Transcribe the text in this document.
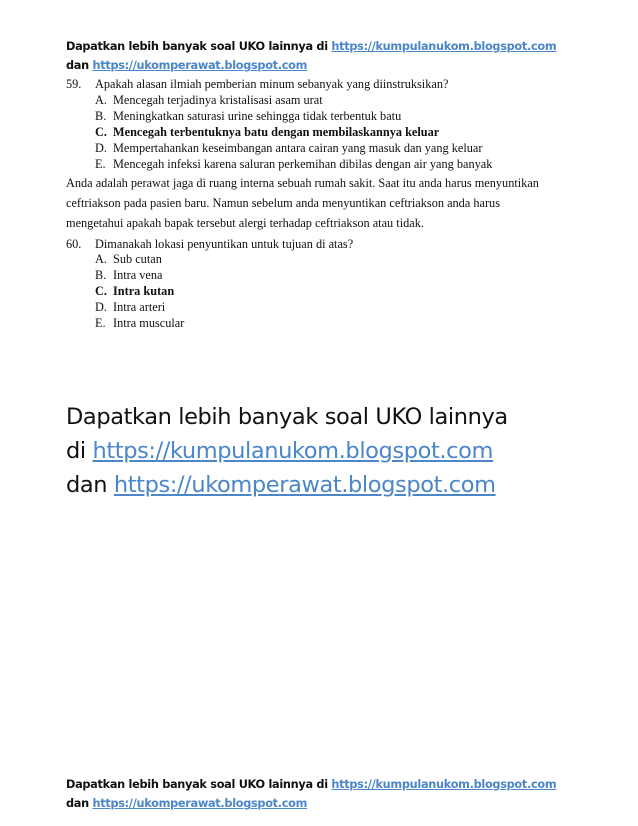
Dapatkan lebih banyak soal UKO lainnya di https://kumpulanukom.blogspot.com
dan https://ukomperawat.blogspot.com
59. Apakah alasan ilmiah pemberian minum sebanyak yang diinstruksikan?
A. Mencegah terjadinya kristalisasi asam urat
B. Meningkatkan saturasi urine sehingga tidak terbentuk batu
C. Mencegah terbentuknya batu dengan membilaskannya keluar
D. Mempertahankan keseimbangan antara cairan yang masuk dan yang keluar
E. Mencegah infeksi karena saluran perkemihan dibilas dengan air yang banyak
Anda adalah perawat jaga di ruang interna sebuah rumah sakit. Saat itu anda harus menyuntikan
ceftriakson pada pasien baru. Namun sebelum anda menyuntikan ceftriakson anda harus
mengetahui apakah bapak tersebut alergi terhadap ceftriakson atau tidak.
60. Dimanakah lokasi penyuntikan untuk tujuan di atas?
A. Sub cutan
B. Intra vena
C. Intra kutan
D. Intra arteri
E. Intra muscular
Dapatkan lebih banyak soal UKO lainnya
di https://kumpulanukom.blogspot.com
dan https://ukomperawat.blogspot.com
Dapatkan lebih banyak soal UKO lainnya di https://kumpulanukom.blogspot.com
dan https://ukomperawat.blogspot.com
